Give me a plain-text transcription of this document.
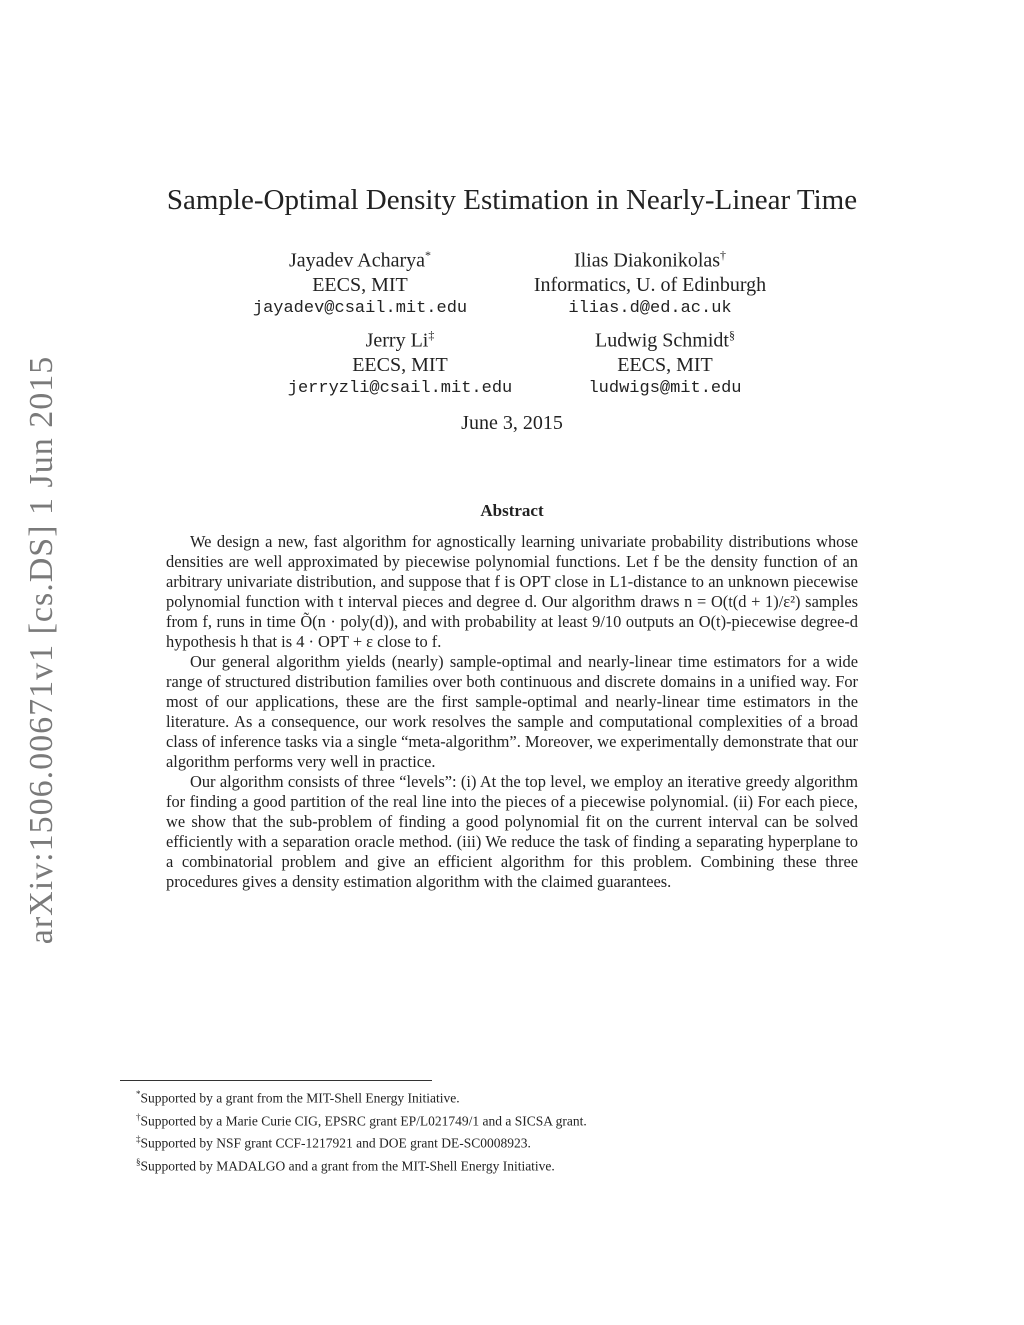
arXiv:1506.00671v1 [cs.DS] 1 Jun 2015
Sample-Optimal Density Estimation in Nearly-Linear Time
Jayadev Acharya*
EECS, MIT
jayadev@csail.mit.edu
Ilias Diakonikolas†
Informatics, U. of Edinburgh
ilias.d@ed.ac.uk
Jerry Li‡
EECS, MIT
jerryzli@csail.mit.edu
Ludwig Schmidt§
EECS, MIT
ludwigs@mit.edu
June 3, 2015
Abstract

We design a new, fast algorithm for agnostically learning univariate probability distributions whose densities are well approximated by piecewise polynomial functions. Let f be the density function of an arbitrary univariate distribution, and suppose that f is OPT close in L1-distance to an unknown piecewise polynomial function with t interval pieces and degree d. Our algorithm draws n = O(t(d + 1)/ε²) samples from f, runs in time Õ(n · poly(d)), and with probability at least 9/10 outputs an O(t)-piecewise degree-d hypothesis h that is 4 · OPT + ε close to f.

Our general algorithm yields (nearly) sample-optimal and nearly-linear time estimators for a wide range of structured distribution families over both continuous and discrete domains in a unified way. For most of our applications, these are the first sample-optimal and nearly-linear time estimators in the literature. As a consequence, our work resolves the sample and computational complexities of a broad class of inference tasks via a single “meta-algorithm”. Moreover, we experimentally demonstrate that our algorithm performs very well in practice.

Our algorithm consists of three “levels”: (i) At the top level, we employ an iterative greedy algorithm for finding a good partition of the real line into the pieces of a piecewise polynomial. (ii) For each piece, we show that the sub-problem of finding a good polynomial fit on the current interval can be solved efficiently with a separation oracle method. (iii) We reduce the task of finding a separating hyperplane to a combinatorial problem and give an efficient algorithm for this problem. Combining these three procedures gives a density estimation algorithm with the claimed guarantees.

*Supported by a grant from the MIT-Shell Energy Initiative.
†Supported by a Marie Curie CIG, EPSRC grant EP/L021749/1 and a SICSA grant.
‡Supported by NSF grant CCF-1217921 and DOE grant DE-SC0008923.
§Supported by MADALGO and a grant from the MIT-Shell Energy Initiative.
